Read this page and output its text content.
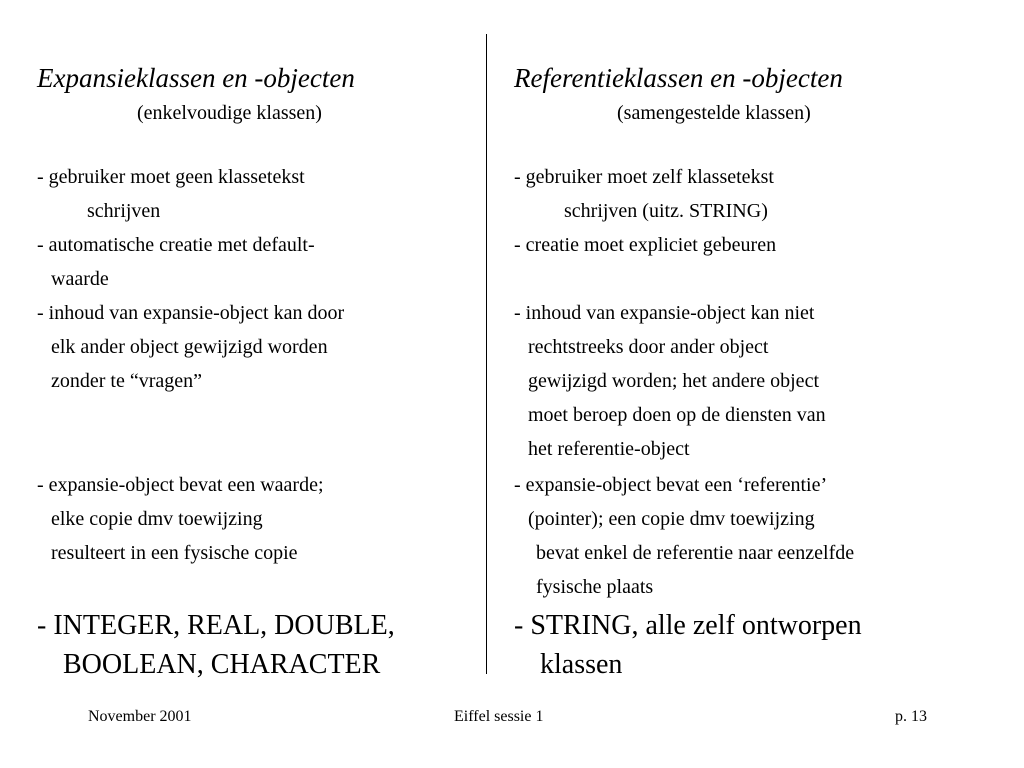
Expansieklassen en -objecten
(enkelvoudige klassen)
- gebruiker moet geen klassetekst
schrijven
- automatische creatie met default-
waarde
- inhoud van expansie-object kan door
elk ander object gewijzigd worden
zonder te “vragen”
- expansie-object bevat een waarde;
elke copie dmv toewijzing
resulteert in een fysische copie
- INTEGER, REAL, DOUBLE,
BOOLEAN, CHARACTER
Referentieklassen en -objecten
(samengestelde klassen)
- gebruiker moet zelf klassetekst
schrijven (uitz. STRING)
- creatie moet expliciet gebeuren
- inhoud van expansie-object kan niet
rechtstreeks door ander object
gewijzigd worden; het andere object
moet beroep doen op de diensten van
het referentie-object
- expansie-object bevat een ‘referentie’
(pointer); een copie dmv toewijzing
bevat enkel de referentie naar eenzelfde
fysische plaats
- STRING, alle zelf ontworpen
klassen
November 2001	Eiffel sessie 1	p. 13
